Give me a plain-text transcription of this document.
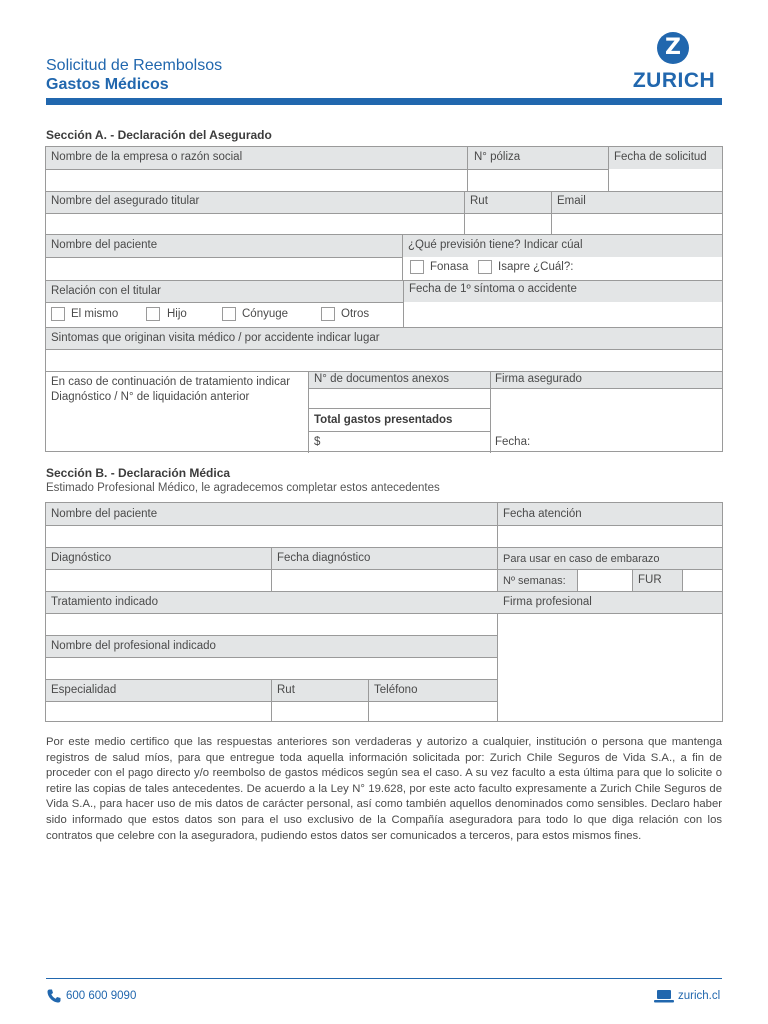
Solicitud de Reembolsos
Gastos Médicos
Z
ZURICH
Sección A. - Declaración del Asegurado
Nombre de la empresa o razón social	N° póliza	Fecha de solicitud
Nombre del asegurado titular	Rut	Email
Nombre del paciente	¿Qué previsión tiene? Indicar cúal
Fonasa	Isapre ¿Cuál?:
Relación con el titular	Fecha de 1º síntoma o accidente
El mismo	Hijo	Cónyuge	Otros
Sintomas que originan visita médico / por accidente indicar lugar
En caso de continuación de tratamiento indicar
Diagnóstico / N° de liquidación anterior
N° de documentos anexos	Firma asegurado
Total gastos presentados
$	Fecha:
Sección B. - Declaración Médica
Estimado Profesional Médico, le agradecemos completar estos antecedentes
Nombre del paciente	Fecha atención
Diagnóstico	Fecha diagnóstico	Para usar en caso de embarazo
Nº semanas:	FUR
Tratamiento indicado	Firma profesional
Nombre del profesional indicado
Especialidad	Rut	Teléfono
Por este medio certifico que las respuestas anteriores son verdaderas y autorizo a cualquier, institución o persona que mantenga registros de salud míos, para que entregue toda aquella información solicitada por: Zurich Chile Seguros de Vida S.A., a fin de proceder con el pago directo y/o reembolso de gastos médicos según sea el caso. A su vez faculto a esta última para que lo solicite o retire las copias de tales antecedentes. De acuerdo a la Ley N° 19.628, por este acto faculto expresamente a Zurich Chile Seguros de Vida S.A., para hacer uso de mis datos de carácter personal, así como también aquellos denominados como sensibles. Declaro haber sido informado que estos datos son para el uso exclusivo de la Compañía aseguradora para todo lo que diga relación con los contratos que celebre con la aseguradora, pudiendo estos datos ser comunicados a terceros, para estos mismos fines.
600 600 9090	zurich.cl
